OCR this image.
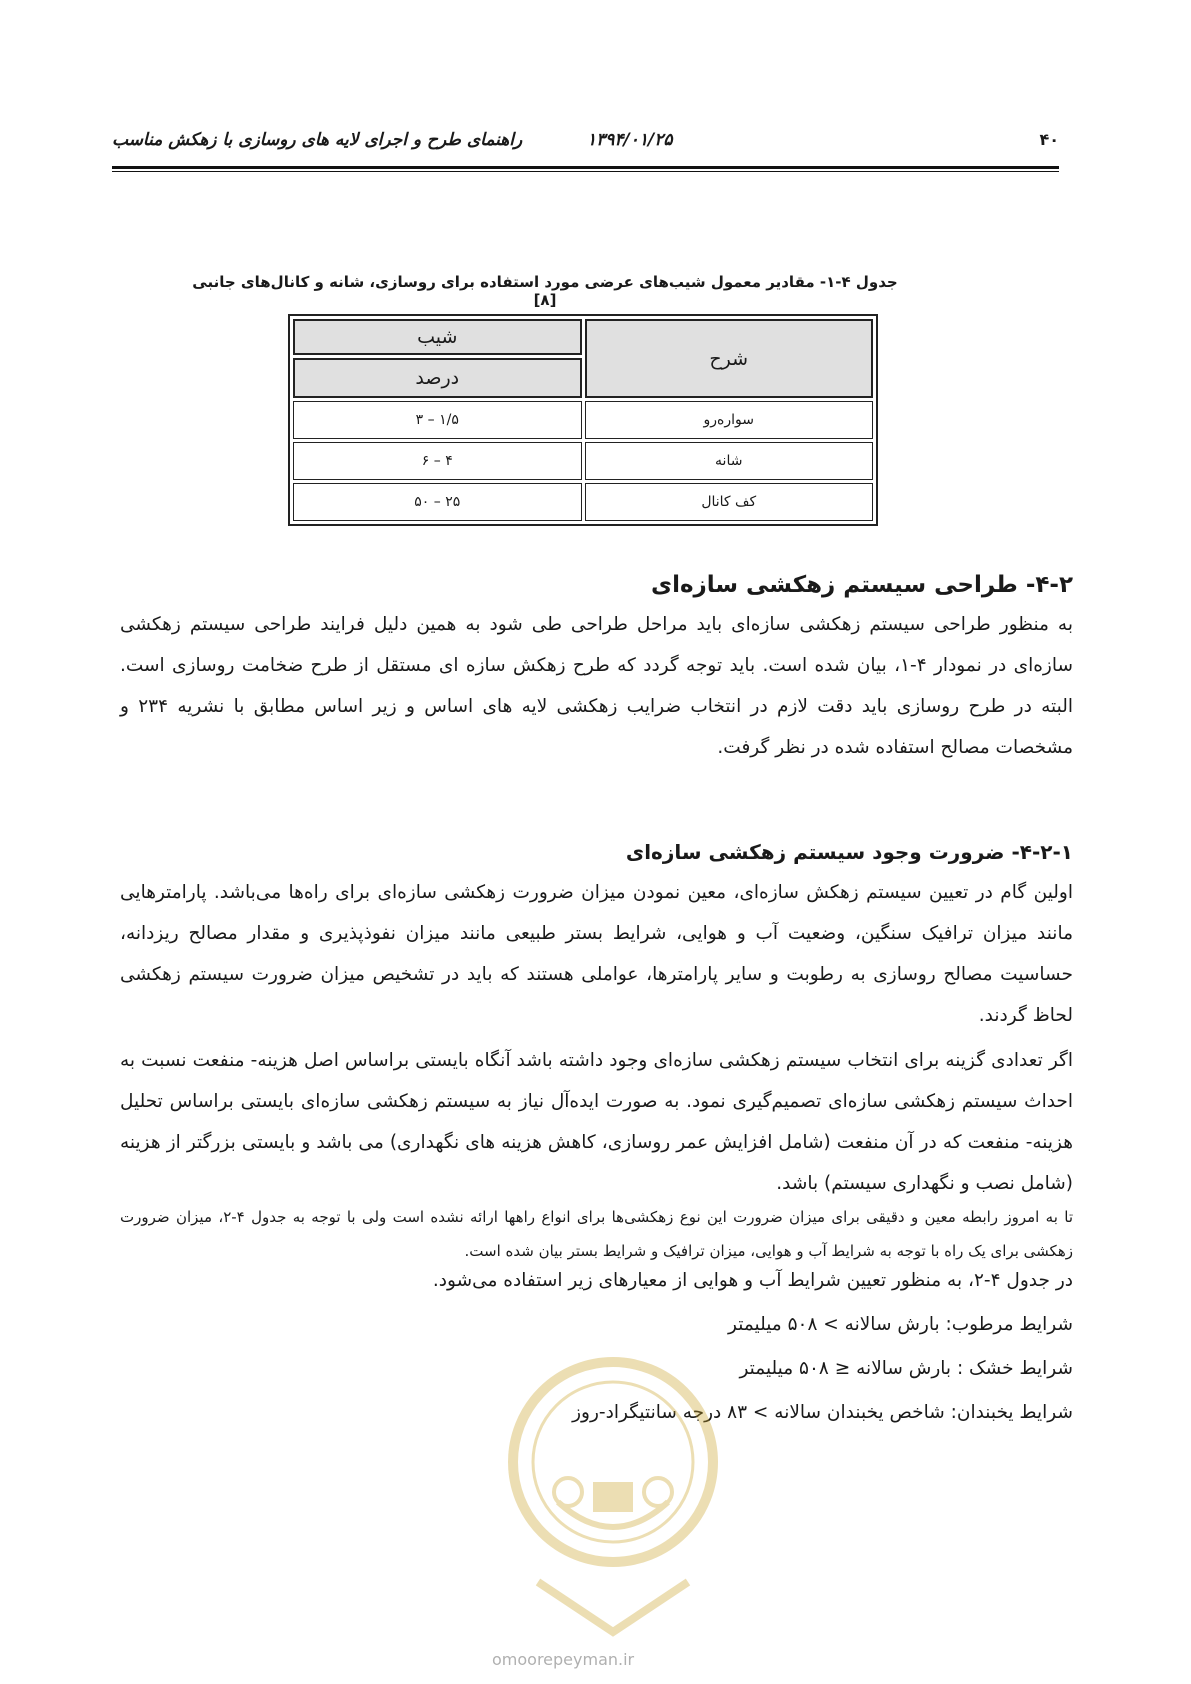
۴۰
۱۳۹۴/۰۱/۲۵
راهنمای طرح و اجرای لایه های روسازی با زهکش مناسب
جدول ۴-۱- مقادیر معمول شیب‌های عرضی مورد استفاده برای روسازی، شانه و کانال‌های جانبی [۸]
شرح	شیب
	درصد
سواره‌رو	۱/۵ – ۳
شانه	۴ – ۶
کف کانال	۲۵ – ۵۰
۴-۲- طراحی سیستم زهکشی سازه‌ای
به منظور طراحی سیستم زهکشی سازه‌ای باید مراحل طراحی طی شود به همین دلیل فرایند طراحی سیستم زهکشی سازه‌ای در نمودار ۴-۱، بیان شده است. باید توجه گردد که طرح زهکش سازه ای مستقل از طرح ضخامت روسازی است. البته در طرح روسازی باید دقت لازم در انتخاب ضرایب زهکشی لایه های اساس و زیر اساس مطابق با نشریه ۲۳۴ و مشخصات مصالح استفاده شده در نظر گرفت.
۴-۲-۱- ضرورت وجود سیستم زهکشی سازه‌ای
اولین گام در تعیین سیستم زهکش سازه‌ای، معین نمودن میزان ضرورت زهکشی سازه‌ای برای راه‌ها می‌باشد. پارامترهایی مانند میزان ترافیک سنگین، وضعیت آب و هوایی، شرایط بستر طبیعی مانند میزان نفوذپذیری و مقدار مصالح ریزدانه، حساسیت مصالح روسازی به رطوبت و سایر پارامترها، عواملی هستند که باید در تشخیص میزان ضرورت سیستم زهکشی لحاظ گردند.
اگر تعدادی گزینه برای انتخاب سیستم زهکشی سازه‌ای وجود داشته باشد آنگاه بایستی براساس اصل هزینه- منفعت نسبت به احداث سیستم زهکشی سازه‌ای تصمیم‌گیری نمود. به صورت ایده‌آل نیاز به سیستم زهکشی سازه‌ای بایستی براساس تحلیل هزینه- منفعت که در آن منفعت (شامل افزایش عمر روسازی، کاهش هزینه های نگهداری) می باشد و بایستی بزرگتر از هزینه (شامل نصب و نگهداری سیستم) باشد.
تا به امروز رابطه معین و دقیقی برای میزان ضرورت این نوع زهکشی‌ها برای انواع راهها ارائه نشده است ولی با توجه به جدول ۴-۲، میزان ضرورت زهکشی برای یک راه با توجه به شرایط آب و هوایی، میزان ترافیک و شرایط بستر بیان شده است.
در جدول ۴-۲، به منظور تعیین شرایط آب و هوایی از معیارهای زیر استفاده می‌شود.
شرایط مرطوب: بارش سالانه > ۵۰۸ میلیمتر
شرایط خشک : بارش سالانه ≤ ۵۰۸ میلیمتر
شرایط یخبندان: شاخص یخبندان سالانه > ۸۳ درجه سانتیگراد-روز
omoorepeyman.ir
